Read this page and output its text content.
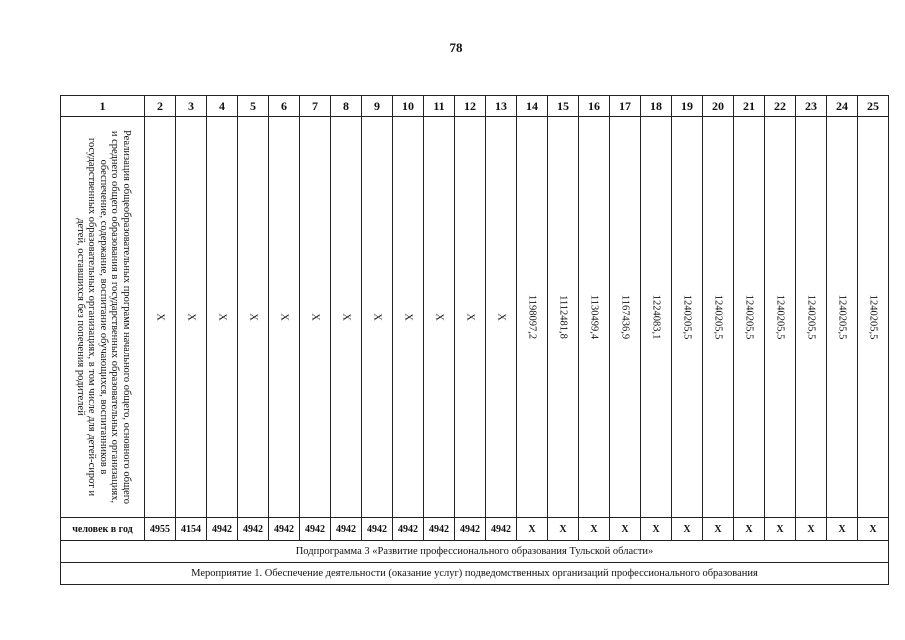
78
1	2	3	4	5	6	7	8	9	10	11	12	13	14	15	16	17	18	19	20	21	22	23	24	25

Реализация общеобразовательных программ начального общего, основного общего и среднего общего образования в государственных образовательных организациях, обеспечение, содержание, воспитание обучающихся, воспитанников в государственных образовательных организациях, в том числе для детей-сирот и детей, оставшихся без попечения родителей	X	X	X	X	X	X	X	X	X	X	X	X	1198097,2	1112481,8	1130499,4	1167436,9	1224083,1	1240205,5	1240205,5	1240205,5	1240205,5	1240205,5	1240205,5	1240205,5

человек в год	4955	4154	4942	4942	4942	4942	4942	4942	4942	4942	4942	4942	X	X	X	X	X	X	X	X	X	X	X	X
Подпрограмма 3 «Развитие профессионального образования Тульской области»																								
Мероприятие 1. Обеспечение деятельности (оказание услуг) подведомственных организаций профессионального образования																								
